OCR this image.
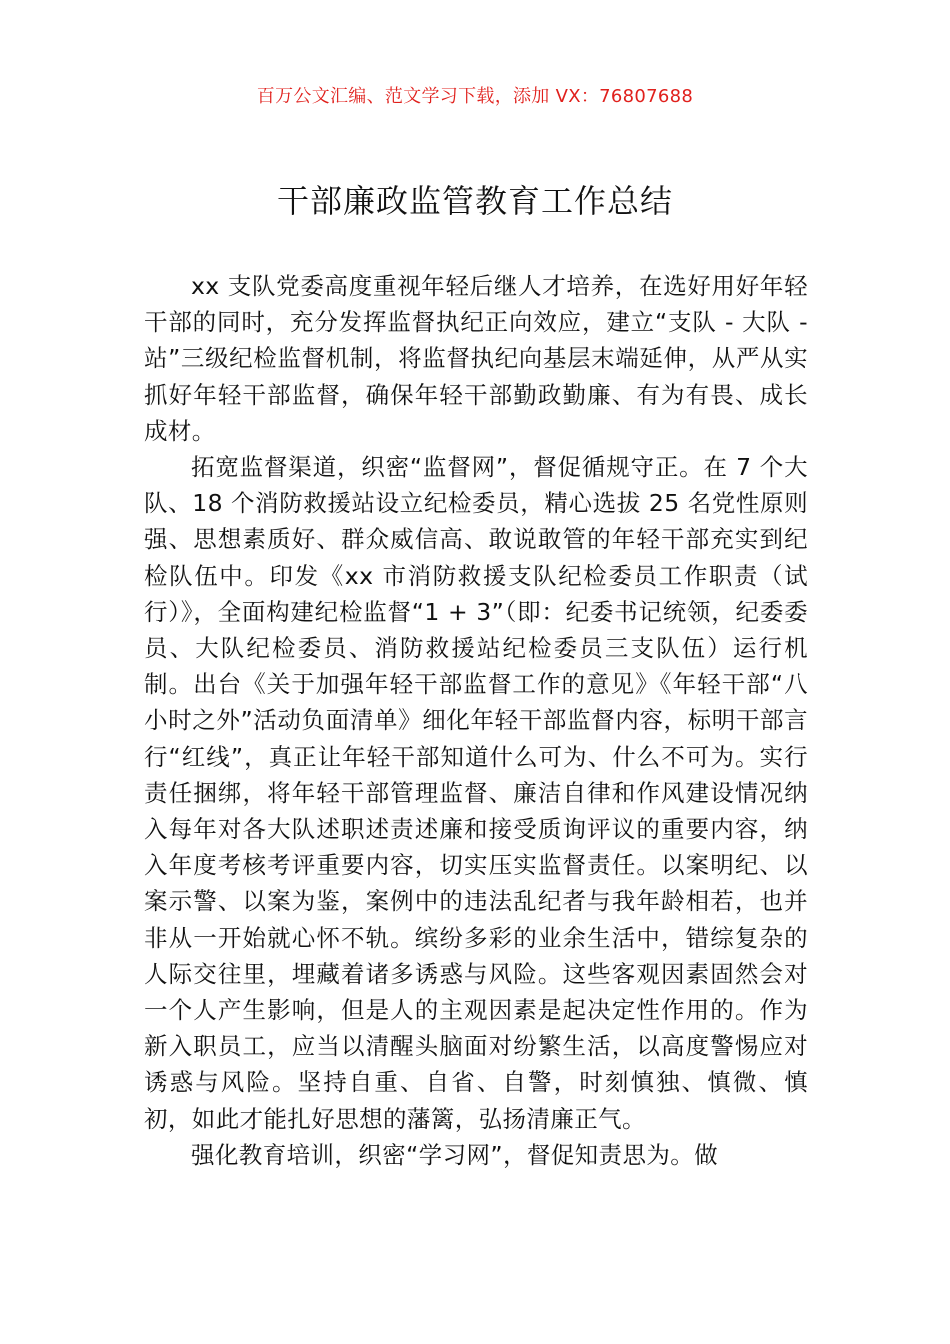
百万公文汇编、范文学习下载，添加 VX：76807688
干部廉政监管教育工作总结

xx 支队党委高度重视年轻后继人才培养，在选好用好年轻干部的同时，充分发挥监督执纪正向效应，建立“支队 - 大队 - 站”三级纪检监督机制，将监督执纪向基层末端延伸，从严从实抓好年轻干部监督，确保年轻干部勤政勤廉、有为有畏、成长成材。

拓宽监督渠道，织密“监督网”，督促循规守正。在 7 个大队、18 个消防救援站设立纪检委员，精心选拔 25 名党性原则强、思想素质好、群众威信高、敢说敢管的年轻干部充实到纪检队伍中。印发《xx 市消防救援支队纪检委员工作职责（试行）》，全面构建纪检监督“1 + 3”（即：纪委书记统领，纪委委员、大队纪检委员、消防救援站纪检委员三支队伍）运行机制。出台《关于加强年轻干部监督工作的意见》《年轻干部“八小时之外”活动负面清单》细化年轻干部监督内容，标明干部言行“红线”，真正让年轻干部知道什么可为、什么不可为。实行责任捆绑，将年轻干部管理监督、廉洁自律和作风建设情况纳入每年对各大队述职述责述廉和接受质询评议的重要内容，纳入年度考核考评重要内容，切实压实监督责任。以案明纪、以案示警、以案为鉴，案例中的违法乱纪者与我年龄相若，也并非从一开始就心怀不轨。缤纷多彩的业余生活中，错综复杂的人际交往里，埋藏着诸多诱惑与风险。这些客观因素固然会对一个人产生影响，但是人的主观因素是起决定性作用的。作为新入职员工，应当以清醒头脑面对纷繁生活，以高度警惕应对诱惑与风险。坚持自重、自省、自警，时刻慎独、慎微、慎初，如此才能扎好思想的藩篱，弘扬清廉正气。

强化教育培训，织密“学习网”，督促知责思为。做
